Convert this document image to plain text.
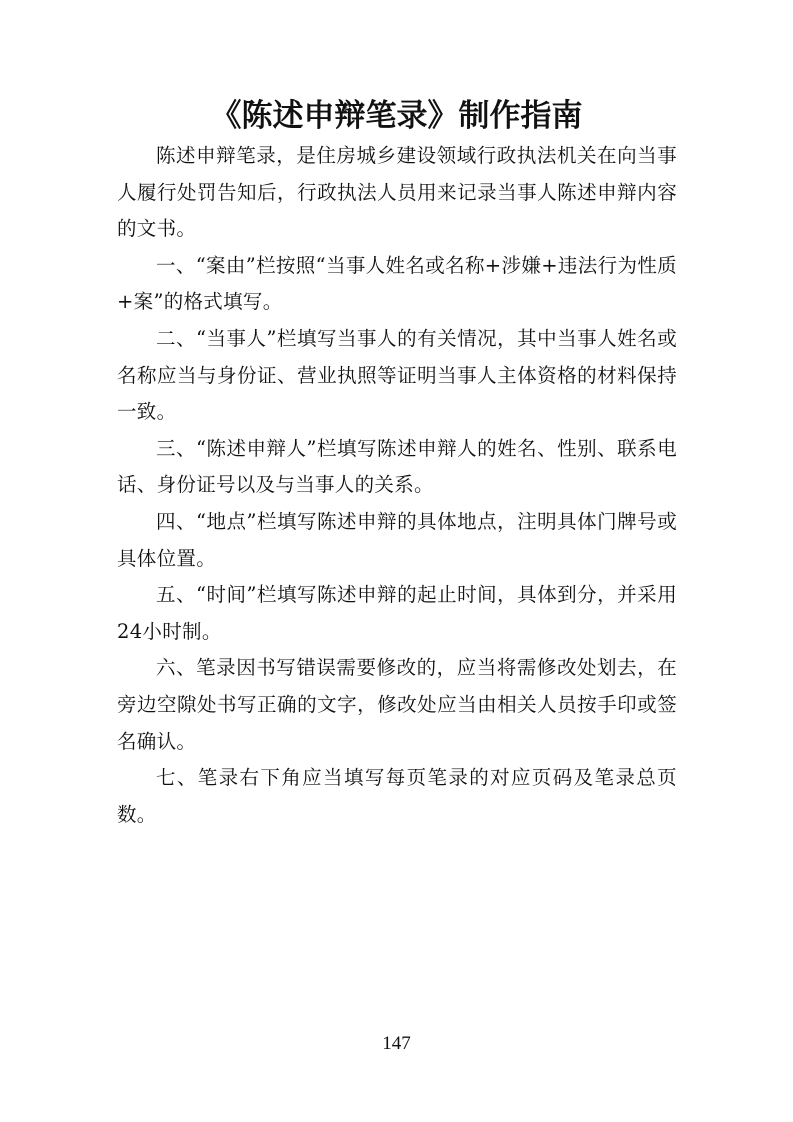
《陈述申辩笔录》制作指南

陈述申辩笔录，是住房城乡建设领域行政执法机关在向当事人履行处罚告知后，行政执法人员用来记录当事人陈述申辩内容的文书。

一、“案由”栏按照“当事人姓名或名称+涉嫌+违法行为性质+案”的格式填写。

二、“当事人”栏填写当事人的有关情况，其中当事人姓名或名称应当与身份证、营业执照等证明当事人主体资格的材料保持一致。

三、“陈述申辩人”栏填写陈述申辩人的姓名、性别、联系电话、身份证号以及与当事人的关系。

四、“地点”栏填写陈述申辩的具体地点，注明具体门牌号或具体位置。

五、“时间”栏填写陈述申辩的起止时间，具体到分，并采用24小时制。

六、笔录因书写错误需要修改的，应当将需修改处划去，在旁边空隙处书写正确的文字，修改处应当由相关人员按手印或签名确认。

七、笔录右下角应当填写每页笔录的对应页码及笔录总页数。

147
